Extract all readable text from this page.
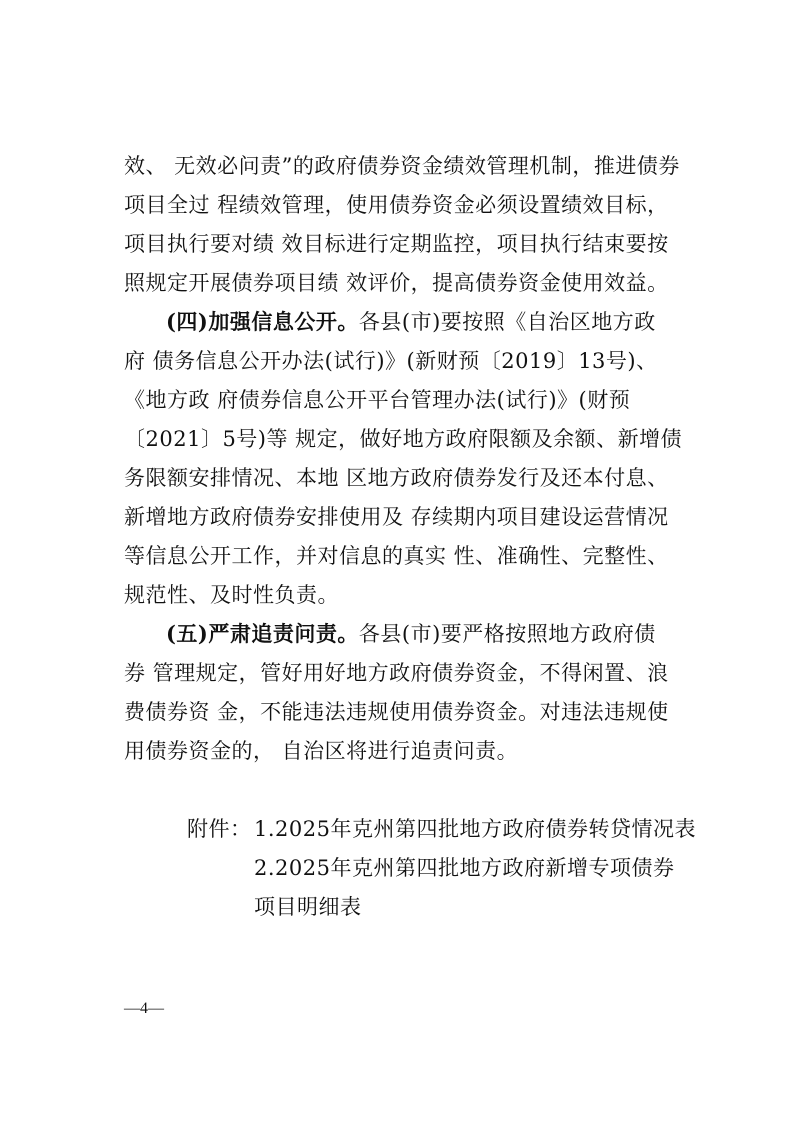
效、 无效必问责”的政府债券资金绩效管理机制，推进债券
项目全过 程绩效管理，使用债券资金必须设置绩效目标，
项目执行要对绩 效目标进行定期监控，项目执行结束要按
照规定开展债券项目绩 效评价，提高债券资金使用效益。
(四)加强信息公开。各县(市)要按照《自治区地方政
府 债务信息公开办法(试行)》(新财预〔2019〕13号)、
《地方政 府债券信息公开平台管理办法(试行)》(财预
〔2021〕5号)等 规定，做好地方政府限额及余额、新增债
务限额安排情况、本地 区地方政府债券发行及还本付息、
新增地方政府债券安排使用及 存续期内项目建设运营情况
等信息公开工作，并对信息的真实 性、准确性、完整性、
规范性、及时性负责。
(五)严肃追责问责。各县(市)要严格按照地方政府债
券 管理规定，管好用好地方政府债券资金，不得闲置、浪
费债券资 金，不能违法违规使用债券资金。对违法违规使
用债券资金的， 自治区将进行追责问责。
附件： 1.2025年克州第四批地方政府债券转贷情况表
2.2025年克州第四批地方政府新增专项债券
项目明细表
—4—
